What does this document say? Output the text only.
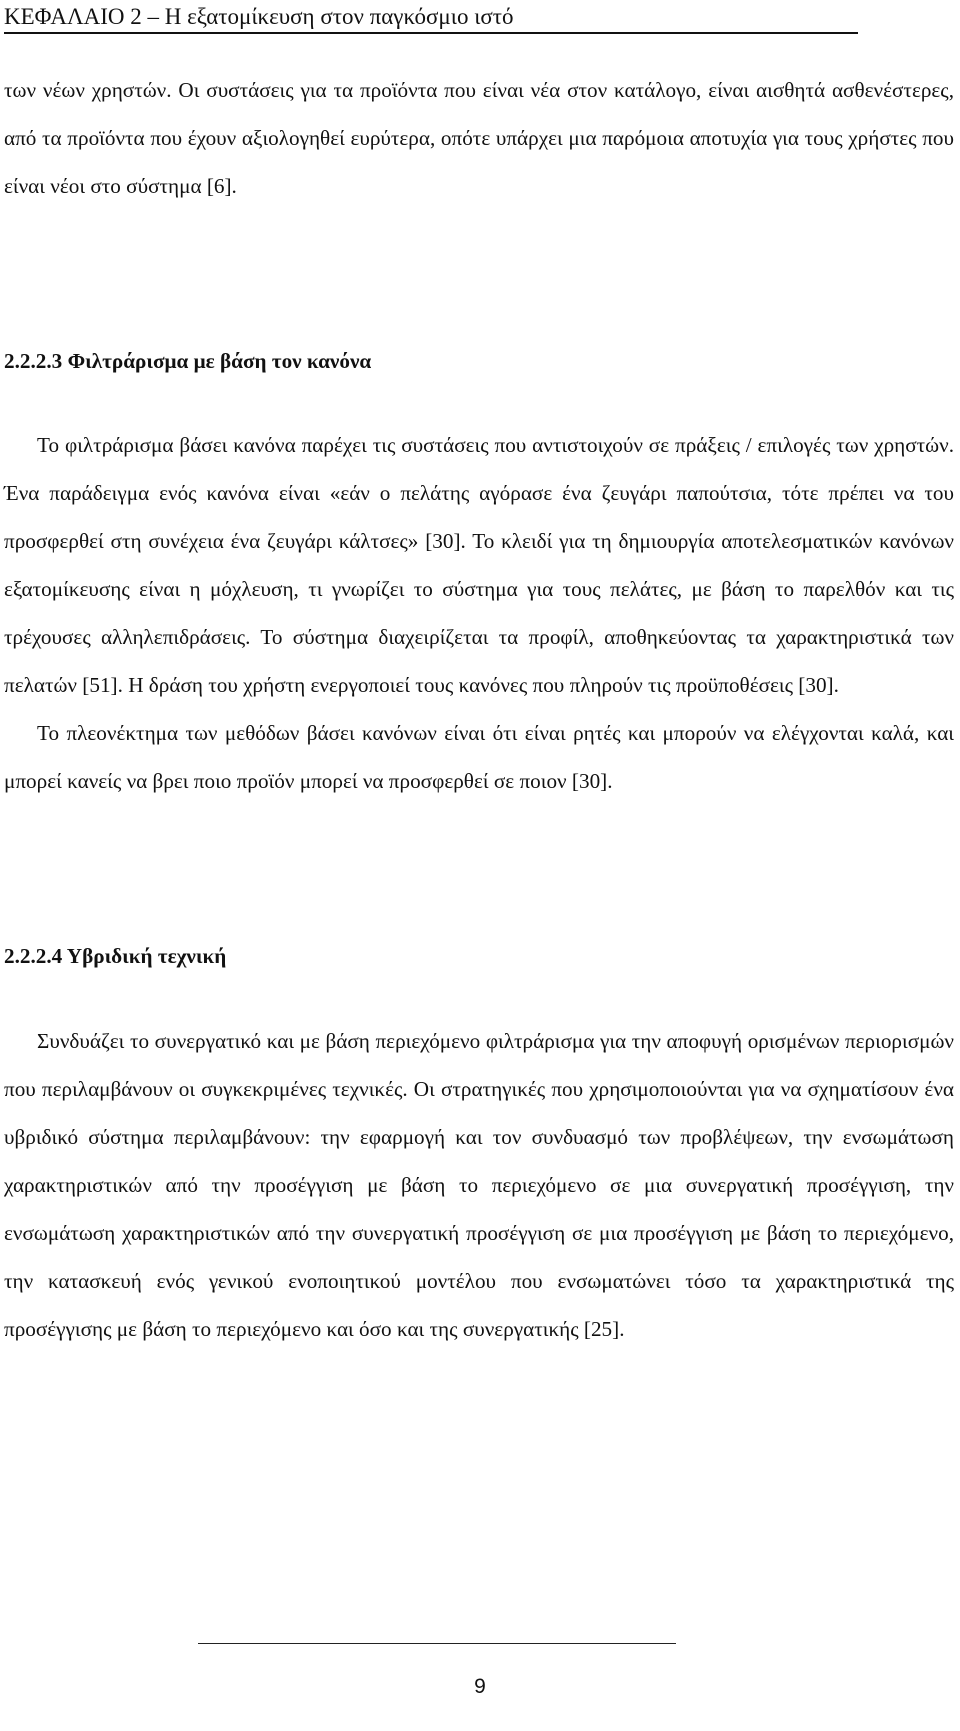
ΚΕΦΑΛΑΙΟ 2 – Η εξατομίκευση στον παγκόσμιο ιστό

των νέων χρηστών. Οι συστάσεις για τα προϊόντα που είναι νέα στον κατάλογο, είναι αισθητά ασθενέστερες, από τα προϊόντα που έχουν αξιολογηθεί ευρύτερα, οπότε υπάρχει μια παρόμοια αποτυχία για τους χρήστες που είναι νέοι στο σύστημα [6].

2.2.2.3 Φιλτράρισμα με βάση τον κανόνα

Το φιλτράρισμα βάσει κανόνα παρέχει τις συστάσεις που αντιστοιχούν σε πράξεις / επιλογές των χρηστών. Ένα παράδειγμα ενός κανόνα είναι «εάν ο πελάτης αγόρασε ένα ζευγάρι παπούτσια, τότε πρέπει να του προσφερθεί στη συνέχεια ένα ζευγάρι κάλτσες» [30]. Το κλειδί για τη δημιουργία αποτελεσματικών κανόνων εξατομίκευσης είναι η μόχλευση, τι γνωρίζει το σύστημα για τους πελάτες, με βάση το παρελθόν και τις τρέχουσες αλληλεπιδράσεις. Το σύστημα διαχειρίζεται τα προφίλ, αποθηκεύοντας τα χαρακτηριστικά των πελατών [51]. Η δράση του χρήστη ενεργοποιεί τους κανόνες που πληρούν τις προϋποθέσεις [30].

Το πλεονέκτημα των μεθόδων βάσει κανόνων είναι ότι είναι ρητές και μπορούν να ελέγχονται καλά, και μπορεί κανείς να βρει ποιο προϊόν μπορεί να προσφερθεί σε ποιον [30].

2.2.2.4 Υβριδική τεχνική

Συνδυάζει το συνεργατικό και με βάση περιεχόμενο φιλτράρισμα για την αποφυγή ορισμένων περιορισμών που περιλαμβάνουν οι συγκεκριμένες τεχνικές. Οι στρατηγικές που χρησιμοποιούνται για να σχηματίσουν ένα υβριδικό σύστημα περιλαμβάνουν: την εφαρμογή και τον συνδυασμό των προβλέψεων, την ενσωμάτωση χαρακτηριστικών από την προσέγγιση με βάση το περιεχόμενο σε μια συνεργατική προσέγγιση, την ενσωμάτωση χαρακτηριστικών από την συνεργατική προσέγγιση σε μια προσέγγιση με βάση το περιεχόμενο, την κατασκευή ενός γενικού ενοποιητικού μοντέλου που ενσωματώνει τόσο τα χαρακτηριστικά της προσέγγισης με βάση το περιεχόμενο και όσο και της συνεργατικής [25].

9
